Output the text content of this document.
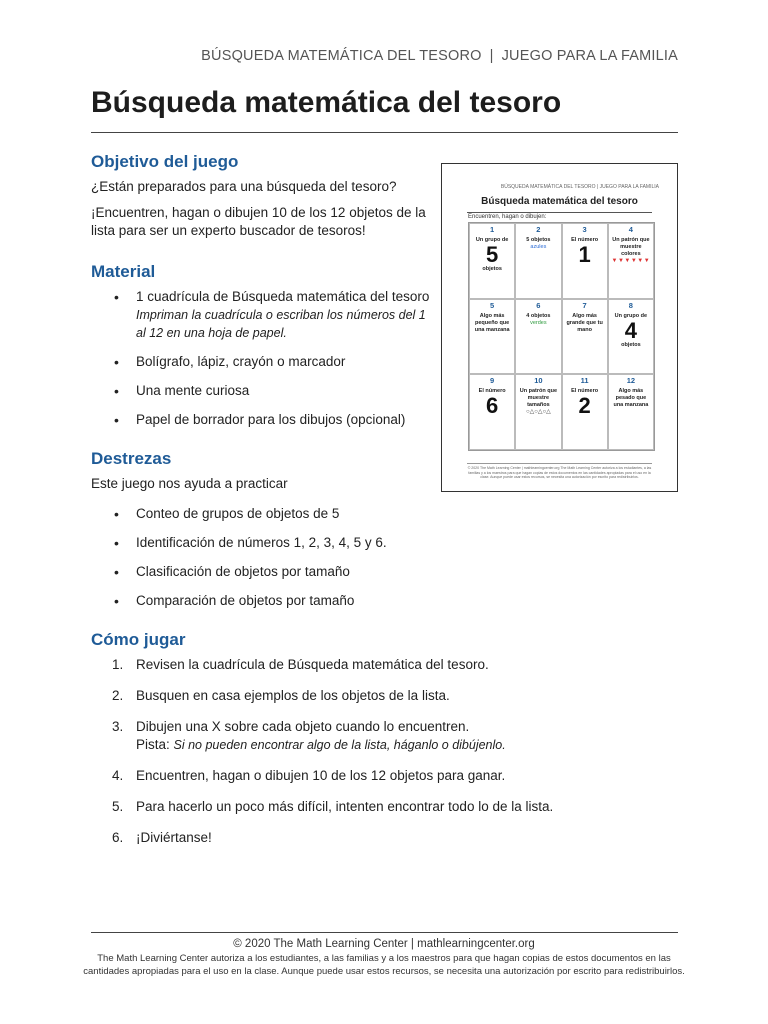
BÚSQUEDA MATEMÁTICA DEL TESORO | JUEGO PARA LA FAMILIA
Búsqueda matemática del tesoro
Objetivo del juego

¿Están preparados para una búsqueda del tesoro?

¡Encuentren, hagan o dibujen 10 de los 12 objetos de la lista para ser un experto buscador de tesoros!

Material
• 1 cuadrícula de Búsqueda matemática del tesoro
Impriman la cuadrícula o escriban los números del 1 al 12 en una hoja de papel.
• Bolígrafo, lápiz, crayón o marcador
• Una mente curiosa
• Papel de borrador para los dibujos (opcional)
Destrezas

Este juego nos ayuda a practicar

• Conteo de grupos de objetos de 5
• Identificación de números 1, 2, 3, 4, 5 y 6.
• Clasificación de objetos por tamaño
• Comparación de objetos por tamaño
Cómo jugar
1. Revisen la cuadrícula de Búsqueda matemática del tesoro.
2. Busquen en casa ejemplos de los objetos de la lista.
3. Dibujen una X sobre cada objeto cuando lo encuentren.
Pista: Si no pueden encontrar algo de la lista, háganlo o dibújenlo.
4. Encuentren, hagan o dibujen 10 de los 12 objetos para ganar.
5. Para hacerlo un poco más difícil, intenten encontrar todo lo de la lista.
6. ¡Diviértanse!
BÚSQUEDA MATEMÁTICA DEL TESORO | JUEGO PARA LA FAMILIA
Búsqueda matemática del tesoro
Encuentren, hagan o dibujen:
1
Un grupo de
5
objetos
2
5 objetos
azules
3
El número
1
4
Un patrón que muestre colores
▼▼▼▼▼▼
5
Algo más pequeño que una manzana
6
4 objetos
verdes
7
Algo más grande que tu mano
8
Un grupo de
4
objetos
9
El número
6
10
Un patrón que muestre tamaños
○△○△○△
11
El número
2
12
Algo más pesado que una manzana
© 2020 The Math Learning Center | mathlearningcenter.org The Math Learning Center autoriza a los estudiantes, a las familias y a los maestros para que hagan copias de estos documentos en las cantidades apropiadas para el uso en la clase. Aunque puede usar estos recursos, se necesita una autorización por escrito para redistribuirlos.

© 2020 The Math Learning Center | mathlearningcenter.org

The Math Learning Center autoriza a los estudiantes, a las familias y a los maestros para que hagan copias de estos documentos en las cantidades apropiadas para el uso en la clase. Aunque puede usar estos recursos, se necesita una autorización por escrito para redistribuirlos.
